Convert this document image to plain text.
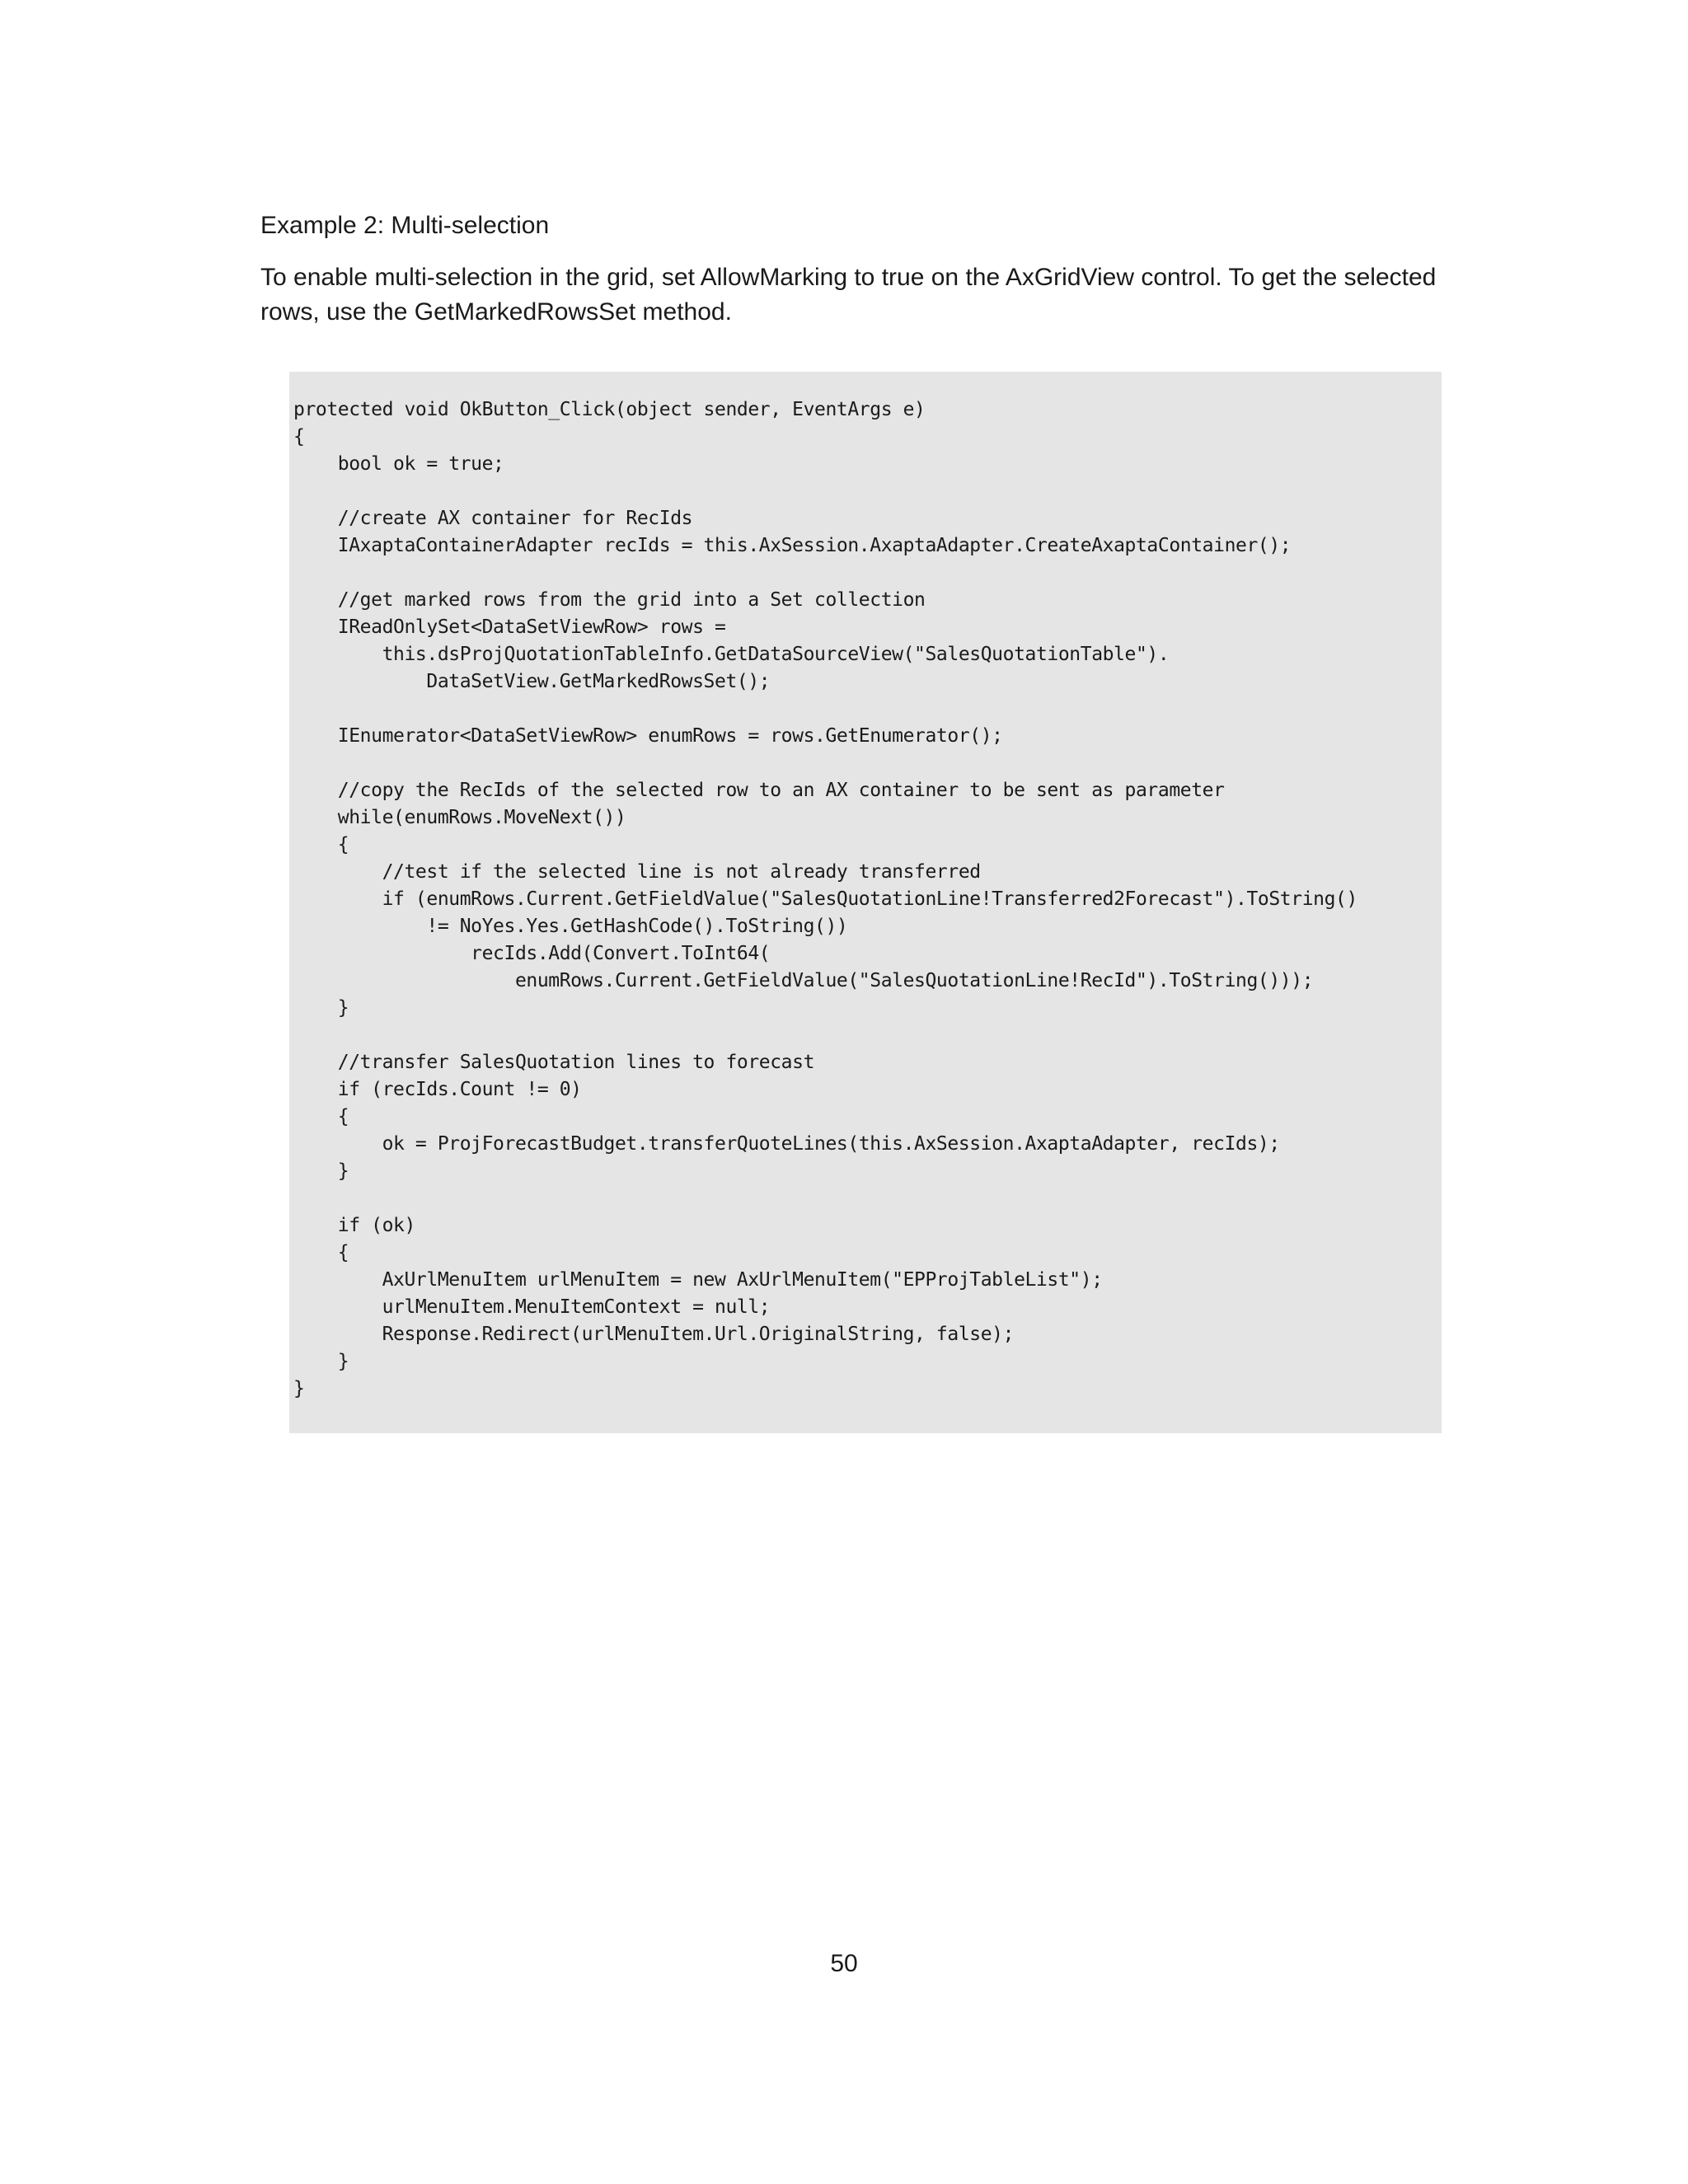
Example 2: Multi-selection
To enable multi-selection in the grid, set AllowMarking to true on the AxGridView control. To get the selected rows, use the GetMarkedRowsSet method.
protected void OkButton_Click(object sender, EventArgs e)
{
bool ok = true;
//create AX container for RecIds
IAxaptaContainerAdapter recIds = this.AxSession.AxaptaAdapter.CreateAxaptaContainer();
//get marked rows from the grid into a Set collection
IReadOnlySet<DataSetViewRow> rows =
this.dsProjQuotationTableInfo.GetDataSourceView("SalesQuotationTable").
DataSetView.GetMarkedRowsSet();
IEnumerator<DataSetViewRow> enumRows = rows.GetEnumerator();
//copy the RecIds of the selected row to an AX container to be sent as parameter
while(enumRows.MoveNext())
{
//test if the selected line is not already transferred
if (enumRows.Current.GetFieldValue("SalesQuotationLine!Transferred2Forecast").ToString()
!= NoYes.Yes.GetHashCode().ToString())
recIds.Add(Convert.ToInt64(
enumRows.Current.GetFieldValue("SalesQuotationLine!RecId").ToString()));
}
//transfer SalesQuotation lines to forecast
if (recIds.Count != 0)
{
ok = ProjForecastBudget.transferQuoteLines(this.AxSession.AxaptaAdapter, recIds);
}
if (ok)
{
AxUrlMenuItem urlMenuItem = new AxUrlMenuItem("EPProjTableList");
urlMenuItem.MenuItemContext = null;
Response.Redirect(urlMenuItem.Url.OriginalString, false);
}
}
50
